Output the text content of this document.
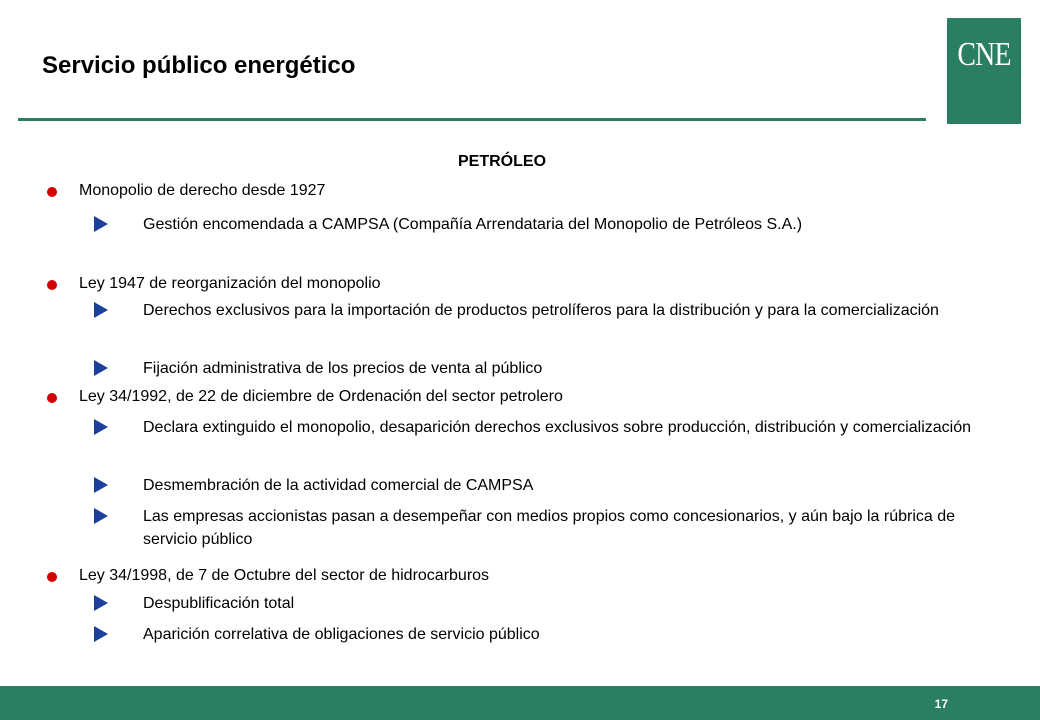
Servicio público energético	CNE
PETRÓLEO
Monopolio de derecho desde 1927
Gestión encomendada a CAMPSA (Compañía Arrendataria del Monopolio de Petróleos S.A.)
Ley 1947 de reorganización del monopolio
Derechos exclusivos para la importación de productos petrolíferos para la distribución y para la comercialización
Fijación administrativa de los precios de venta al público
Ley 34/1992, de 22 de diciembre de Ordenación del sector petrolero
Declara extinguido el monopolio, desaparición derechos exclusivos sobre producción, distribución y comercialización
Desmembración de la actividad comercial de CAMPSA
Las empresas accionistas pasan a desempeñar con medios propios como concesionarios, y aún bajo la rúbrica de servicio público
Ley 34/1998, de 7 de Octubre del sector de hidrocarburos
Despublificación total
Aparición correlativa de obligaciones de servicio público
17
